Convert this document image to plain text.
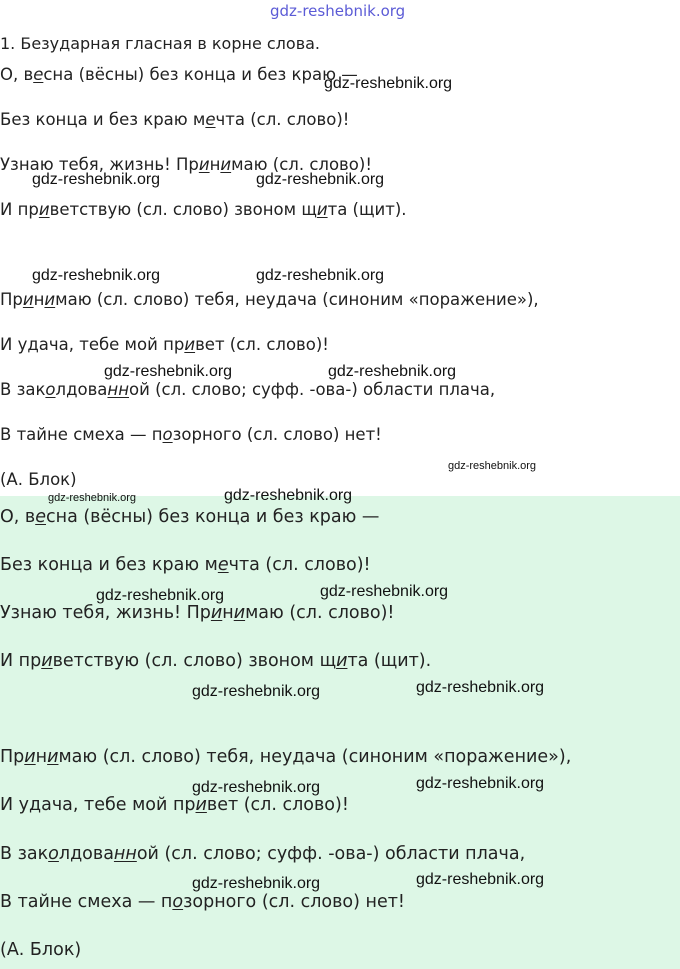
gdz-reshebnik.org
1. Безударная гласная в корне слова.
О, весна (вёсны) без конца и без краю —
Без конца и без краю мечта (сл. слово)!
Узнаю тебя, жизнь! Принимаю (сл. слово)!
И приветствую (сл. слово) звоном щита (щит).
Принимаю (сл. слово) тебя, неудача (синоним «поражение»),
И удача, тебе мой привет (сл. слово)!
В заколдованной (сл. слово; суфф. -ова-) области плача,
В тайне смеха — позорного (сл. слово) нет!
(А. Блок)
О, весна (вёсны) без конца и без краю —
Без конца и без краю мечта (сл. слово)!
Узнаю тебя, жизнь! Принимаю (сл. слово)!
И приветствую (сл. слово) звоном щита (щит).
Принимаю (сл. слово) тебя, неудача (синоним «поражение»),
И удача, тебе мой привет (сл. слово)!
В заколдованной (сл. слово; суфф. -ова-) области плача,
В тайне смеха — позорного (сл. слово) нет!
(А. Блок)
gdz-reshebnik.org
gdz-reshebnik.org	gdz-reshebnik.org
gdz-reshebnik.org	gdz-reshebnik.org
gdz-reshebnik.org	gdz-reshebnik.org
gdz-reshebnik.org
gdz-reshebnik.org	gdz-reshebnik.org
gdz-reshebnik.org	gdz-reshebnik.org
gdz-reshebnik.org	gdz-reshebnik.org
gdz-reshebnik.org	gdz-reshebnik.org
gdz-reshebnik.org	gdz-reshebnik.org
